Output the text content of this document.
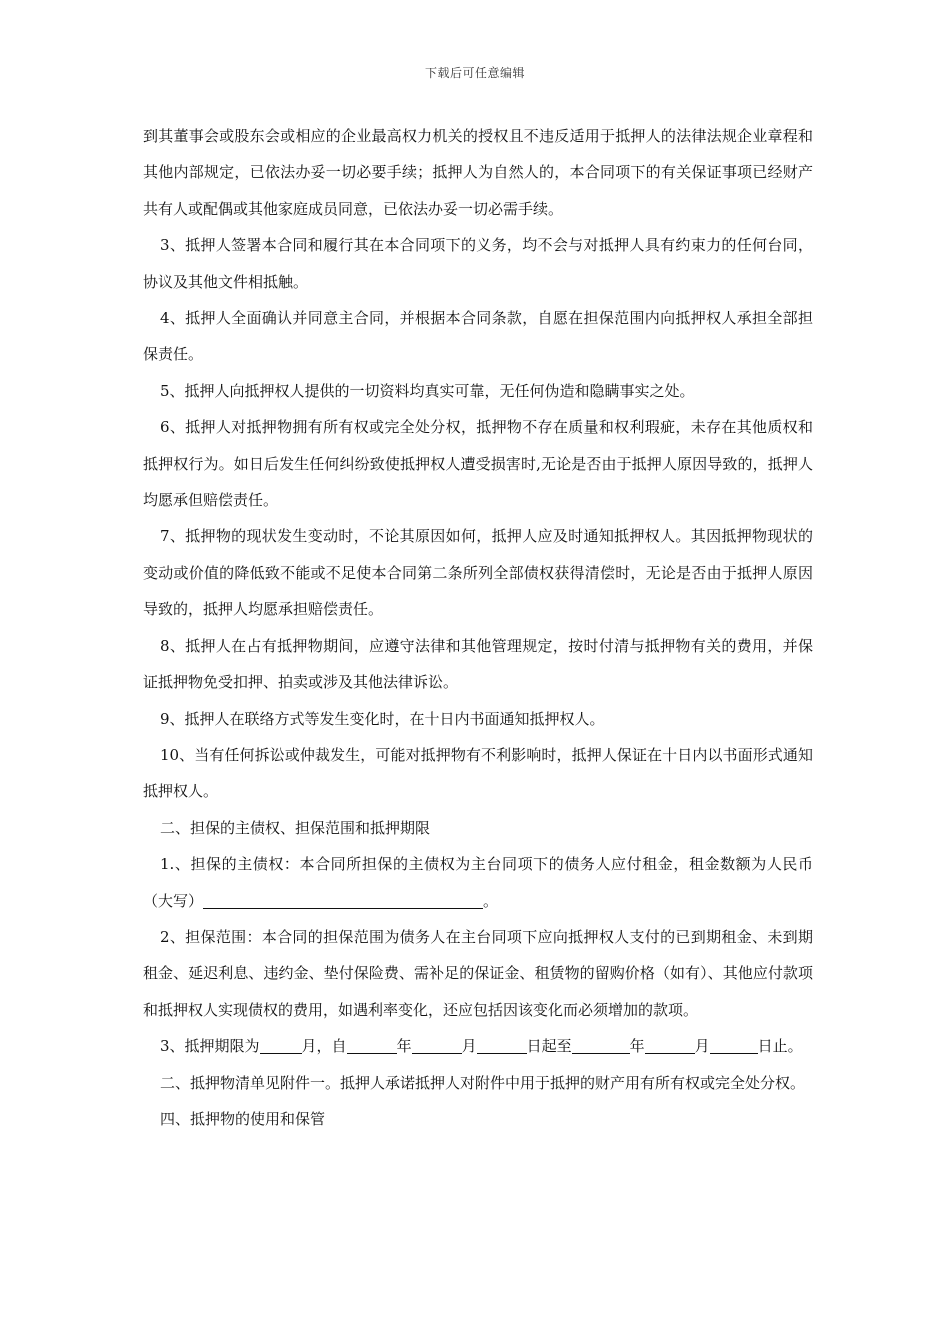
下载后可任意编辑

到其董事会或股东会或相应的企业最高权力机关的授权且不违反适用于抵押人的法律法规企业章程和其他内部规定，已依法办妥一切必要手续；抵押人为自然人的，本合同项下的有关保证事项已经财产共有人或配偶或其他家庭成员同意，已依法办妥一切必需手续。

3、抵押人签署本合同和履行其在本合同项下的义务，均不会与对抵押人具有约束力的任何台同，协议及其他文件相抵触。

4、抵押人全面确认并同意主合同，并根据本合同条款，自愿在担保范围内向抵押权人承担全部担保责任。

5、抵押人向抵押权人提供的一切资料均真实可靠，无任何伪造和隐瞒事实之处。

6、抵押人对抵押物拥有所有权或完全处分权，抵押物不存在质量和权利瑕疵，未存在其他质权和抵押权行为。如日后发生任何纠纷致使抵押权人遭受损害时,无论是否由于抵押人原因导致的，抵押人均愿承但赔偿责任。

7、抵押物的现状发生变动时，不论其原因如何，抵押人应及时通知抵押权人。其因抵押物现状的变动或价值的降低致不能或不足使本合同第二条所列全部债权获得清偿时，无论是否由于抵押人原因导致的，抵押人均愿承担赔偿责任。

8、抵押人在占有抵押物期间，应遵守法律和其他管理规定，按时付清与抵押物有关的费用，并保证抵押物免受扣押、拍卖或涉及其他法律诉讼。

9、抵押人在联络方式等发生变化时，在十日内书面通知抵押权人。

10、当有任何拆讼或仲裁发生，可能对抵押物有不利影响时，抵押人保证在十日内以书面形式通知抵押权人。

二、担保的主债权、担保范围和抵押期限

1.、担保的主债权：本合同所担保的主债权为主台同项下的债务人应付租金，租金数额为人民币（大写）	。

2、担保范围：本合同的担保范围为债务人在主台同项下应向抵押权人支付的已到期租金、未到期租金、延迟利息、违约金、垫付保险费、需补足的保证金、租赁物的留购价格（如有）、其他应付款项和抵押权人实现债权的费用，如遇利率变化，还应包括因该变化而必须增加的款项。

3、抵押期限为	月，自	年	月	日起至	年	月	日止。

二、抵押物清单见附件一。抵押人承诺抵押人对附件中用于抵押的财产用有所有权或完全处分权。

四、抵押物的使用和保管
